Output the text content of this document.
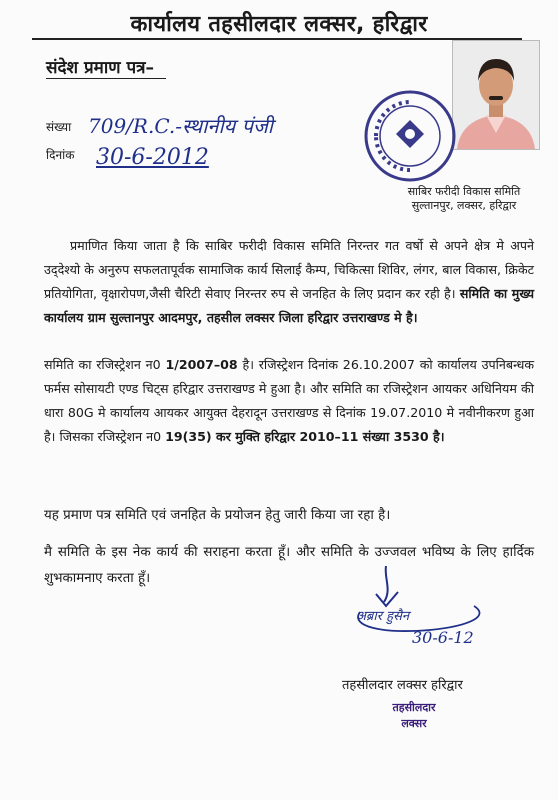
कार्यालय तहसीलदार लक्सर, हरिद्वार
संदेश प्रमाण पत्र–
संख्या 709/R.C.-स्थानीय पंजी
दिनांक 30-6-2012
साबिर फरीदी विकास समिति
सुल्तानपुर, लक्सर, हरिद्वार
प्रमाणित किया जाता है कि साबिर फरीदी विकास समिति निरन्तर गत वर्षो से अपने क्षेत्र मे अपने उद्‌देश्यो के अनुरुप सफलतापूर्वक सामाजिक कार्य सिलाई कैम्प, चिकित्सा शिविर, लंगर, बाल विकास, क्रिकेट प्रतियोगिता, वृक्षारोपण,जैसी चैरिटी सेवाए निरन्तर रुप से जनहित के लिए प्रदान कर रही है। समिति का मुख्य कार्यालय ग्राम सुल्तानपुर आदमपुर, तहसील लक्सर जिला हरिद्वार उत्तराखण्ड मे है।
समिति का रजिस्ट्रेशन न0 1/2007–08 है। रजिस्ट्रेशन दिनांक 26.10.2007 को कार्यालय उपनिबन्धक फर्मस सोसायटी एण्ड चिट्स हरिद्वार उत्तराखण्ड मे हुआ है। और समिति का रजिस्ट्रेशन आयकर अधिनियम की धारा 80G मे कार्यालय आयकर आयुक्त देहरादून उत्तराखण्ड से दिनांक 19.07.2010 मे नवीनीकरण हुआ है। जिसका रजिस्ट्रेशन न0 19(35) कर मुक्ति हरिद्वार 2010–11 संख्या 3530 है।
यह प्रमाण पत्र समिति एवं जनहित के प्रयोजन हेतु जारी किया जा रहा है।
मै समिति के इस नेक कार्य की सराहना करता हूँ। और समिति के उज्जवल भविष्य के लिए हार्दिक शुभकामनाए करता हूँ।
अब्रार हुसैन
30-6-12
तहसीलदार लक्सर हरिद्वार
तहसीलदार
लक्सर
